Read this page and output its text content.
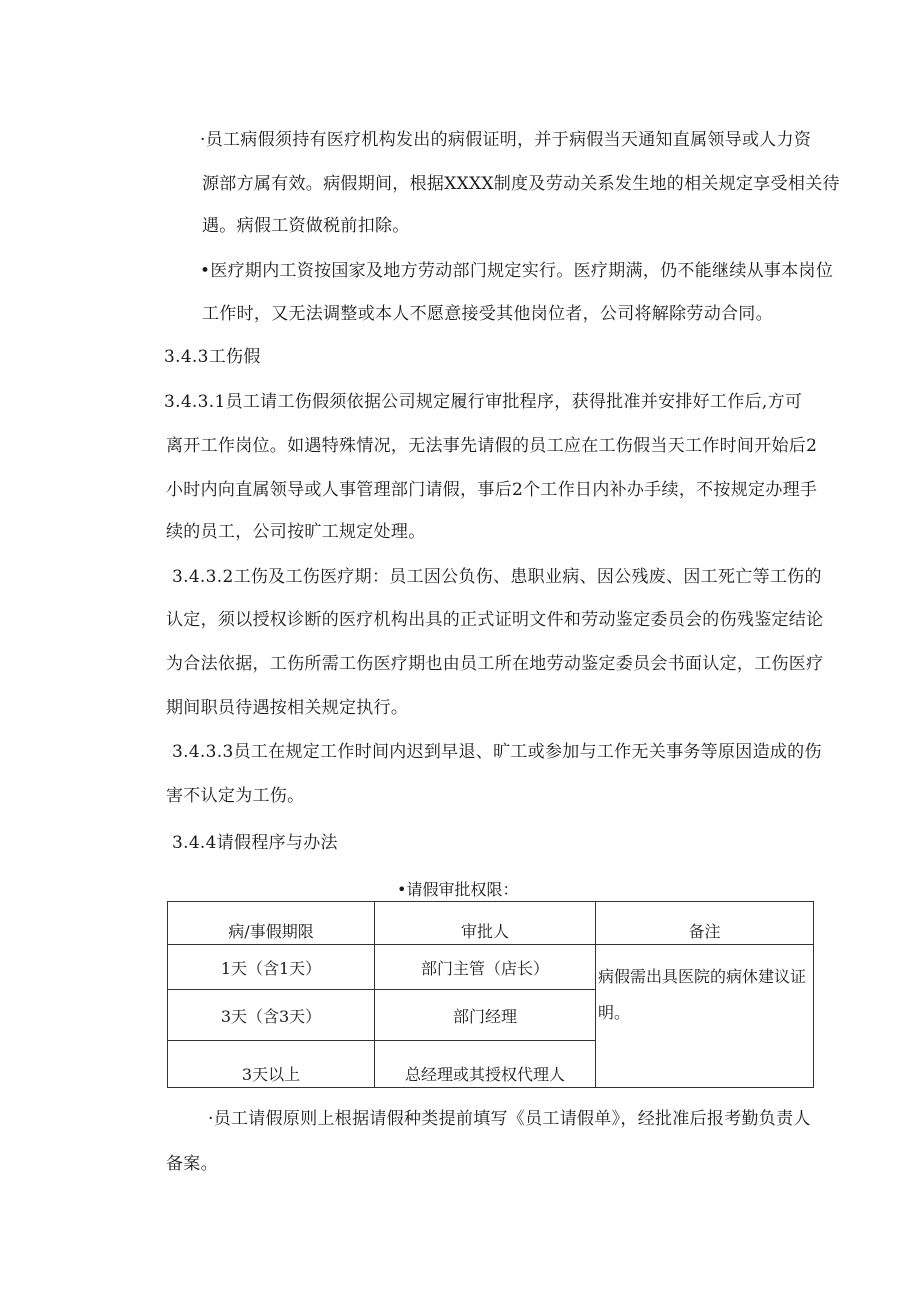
·员工病假须持有医疗机构发出的病假证明，并于病假当天通知直属领导或人力资
源部方属有效。病假期间，根据XXXX制度及劳动关系发生地的相关规定享受相关待
遇。病假工资做税前扣除。
•医疗期内工资按国家及地方劳动部门规定实行。医疗期满，仍不能继续从事本岗位
工作时，又无法调整或本人不愿意接受其他岗位者，公司将解除劳动合同。
3.4.3工伤假
3.4.3.1员工请工伤假须依据公司规定履行审批程序，获得批准并安排好工作后,方可
离开工作岗位。如遇特殊情况，无法事先请假的员工应在工伤假当天工作时间开始后2
小时内向直属领导或人事管理部门请假，事后2个工作日内补办手续，不按规定办理手
续的员工，公司按旷工规定处理。
3.4.3.2工伤及工伤医疗期：员工因公负伤、患职业病、因公残废、因工死亡等工伤的
认定，须以授权诊断的医疗机构出具的正式证明文件和劳动鉴定委员会的伤残鉴定结论
为合法依据，工伤所需工伤医疗期也由员工所在地劳动鉴定委员会书面认定，工伤医疗
期间职员待遇按相关规定执行。
3.4.3.3员工在规定工作时间内迟到早退、旷工或参加与工作无关事务等原因造成的伤
害不认定为工伤。
3.4.4请假程序与办法
•请假审批权限：
病/事假期限	审批人	备注
1天（含1天）	部门主管（店长）	病假需出具医院的病休建议证明。
3天（含3天）	部门经理	
3天以上	总经理或其授权代理人	
·员工请假原则上根据请假种类提前填写《员工请假单》，经批准后报考勤负责人
备案。
